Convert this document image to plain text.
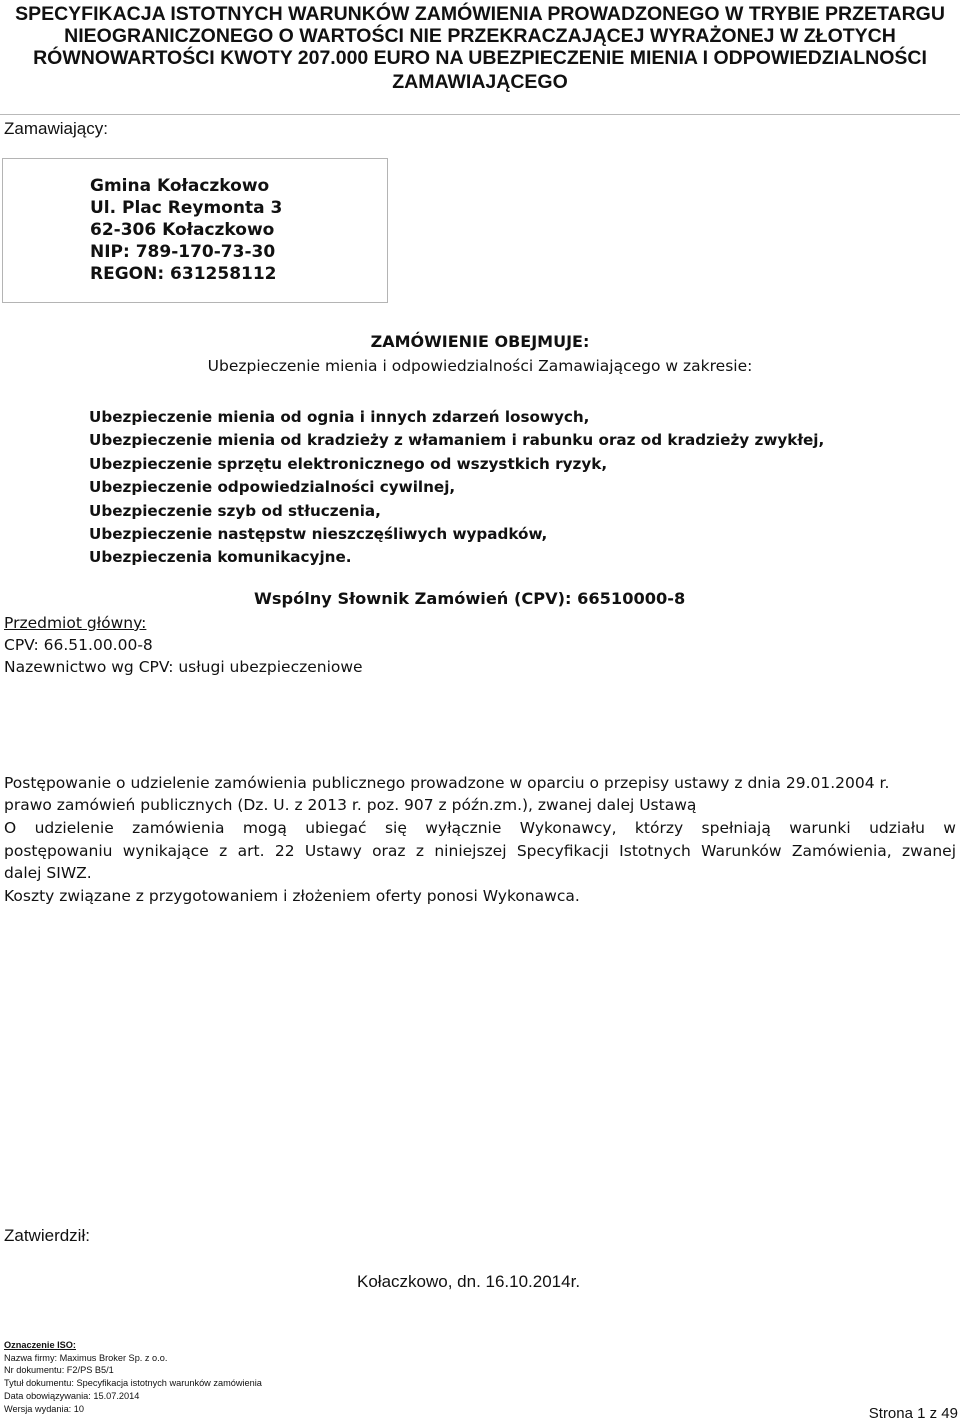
SPECYFIKACJA ISTOTNYCH WARUNKÓW ZAMÓWIENIA PROWADZONEGO W TRYBIE PRZETARGU
NIEOGRANICZONEGO O WARTOŚCI NIE PRZEKRACZAJĄCEJ WYRAŻONEJ W ZŁOTYCH
RÓWNOWARTOŚCI KWOTY 207.000 EURO NA UBEZPIECZENIE MIENIA I ODPOWIEDZIALNOŚCI
ZAMAWIAJĄCEGO
Zamawiający:
Gmina Kołaczkowo
Ul. Plac Reymonta 3
62-306 Kołaczkowo
NIP: 789-170-73-30
REGON: 631258112
ZAMÓWIENIE OBEJMUJE:
Ubezpieczenie mienia i odpowiedzialności Zamawiającego w zakresie:
Ubezpieczenie mienia od ognia i innych zdarzeń losowych,
Ubezpieczenie mienia od kradzieży z włamaniem i rabunku oraz od kradzieży zwykłej,
Ubezpieczenie sprzętu elektronicznego od wszystkich ryzyk,
Ubezpieczenie odpowiedzialności cywilnej,
Ubezpieczenie szyb od stłuczenia,
Ubezpieczenie następstw nieszczęśliwych wypadków,
Ubezpieczenia komunikacyjne.
Wspólny Słownik Zamówień (CPV): 66510000-8
Przedmiot główny:
CPV: 66.51.00.00-8
Nazewnictwo wg CPV: usługi ubezpieczeniowe
Postępowanie o udzielenie zamówienia publicznego prowadzone w oparciu o przepisy ustawy z dnia 29.01.2004 r.
prawo zamówień publicznych (Dz. U. z 2013 r. poz. 907 z późn.zm.), zwanej dalej Ustawą
O udzielenie zamówienia mogą ubiegać się wyłącznie Wykonawcy, którzy spełniają warunki udziału w
postępowaniu wynikające z art. 22 Ustawy oraz z niniejszej Specyfikacji Istotnych Warunków Zamówienia, zwanej
dalej SIWZ.
Koszty związane z przygotowaniem i złożeniem oferty ponosi Wykonawca.
Zatwierdził:
Kołaczkowo, dn. 16.10.2014r.
Oznaczenie ISO:
Nazwa firmy: Maximus Broker Sp. z o.o.
Nr dokumentu: F2/PS B5/1
Tytuł dokumentu: Specyfikacja istotnych warunków zamówienia
Data obowiązywania: 15.07.2014
Wersja wydania: 10	Strona 1 z 49
